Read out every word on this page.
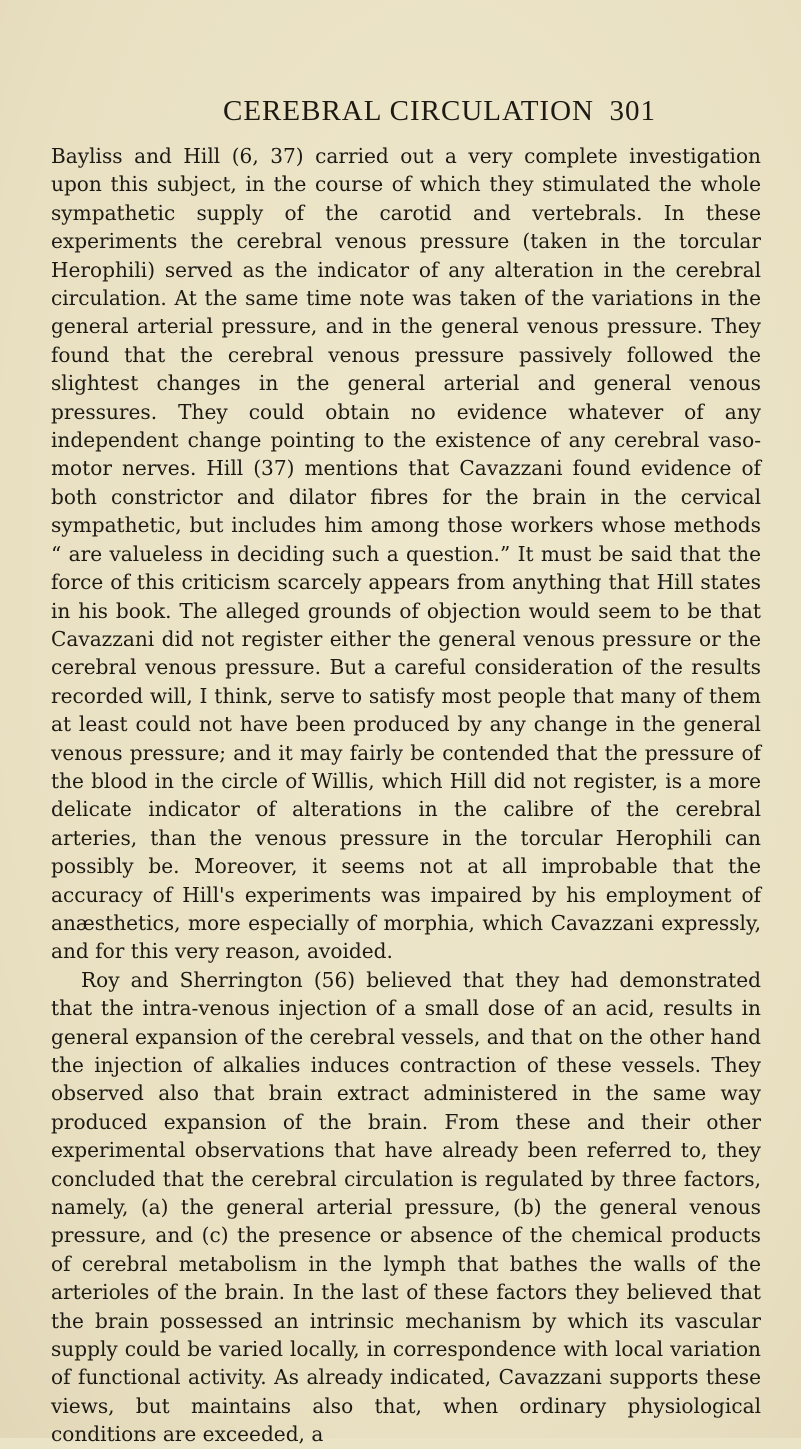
CEREBRAL CIRCULATION 301

Bayliss and Hill (6, 37) carried out a very complete investigation upon this subject, in the course of which they stimulated the whole sympathetic supply of the carotid and vertebrals. In these experiments the cerebral venous pressure (taken in the torcular Herophili) served as the indicator of any alteration in the cerebral circulation. At the same time note was taken of the variations in the general arterial pressure, and in the general venous pressure. They found that the cerebral venous pressure passively followed the slightest changes in the general arterial and general venous pressures. They could obtain no evidence whatever of any independent change pointing to the existence of any cerebral vaso-motor nerves. Hill (37) mentions that Cavazzani found evidence of both constrictor and dilator fibres for the brain in the cervical sympathetic, but includes him among those workers whose methods “ are valueless in deciding such a question.” It must be said that the force of this criticism scarcely appears from anything that Hill states in his book. The alleged grounds of objection would seem to be that Cavazzani did not register either the general venous pressure or the cerebral venous pressure. But a careful consideration of the results recorded will, I think, serve to satisfy most people that many of them at least could not have been produced by any change in the general venous pressure; and it may fairly be contended that the pressure of the blood in the circle of Willis, which Hill did not register, is a more delicate indicator of alterations in the calibre of the cerebral arteries, than the venous pressure in the torcular Herophili can possibly be. Moreover, it seems not at all improbable that the accuracy of Hill's experiments was impaired by his employment of anæsthetics, more especially of morphia, which Cavazzani expressly, and for this very reason, avoided.

Roy and Sherrington (56) believed that they had demonstrated that the intra-venous injection of a small dose of an acid, results in general expansion of the cerebral vessels, and that on the other hand the injection of alkalies induces contraction of these vessels. They observed also that brain extract administered in the same way produced expansion of the brain. From these and their other experimental observations that have already been referred to, they concluded that the cerebral circulation is regulated by three factors, namely, (a) the general arterial pressure, (b) the general venous pressure, and (c) the presence or absence of the chemical products of cerebral metabolism in the lymph that bathes the walls of the arterioles of the brain. In the last of these factors they believed that the brain possessed an intrinsic mechanism by which its vascular supply could be varied locally, in correspondence with local variation of functional activity. As already indicated, Cavazzani supports these views, but maintains also that, when ordinary physiological conditions are exceeded, a
